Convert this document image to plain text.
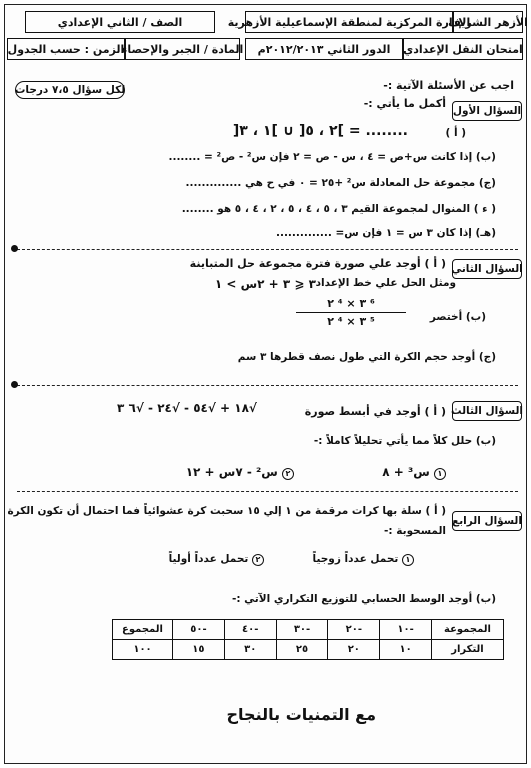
الأزهر الشريف
الإدارة المركزية لمنطقة الإسماعيلية الأزهرية
الصف / الثاني الإعدادي
امتحان النقل الإعدادي
الدور الثاني ٢٠١٢/٢٠١٣م
المادة / الجبر والإحصاء
الزمن : حسب الجدول
لكل سؤال ٧،٥ درجات	اجب عن الأسئلة الآتية :-
السؤال الأول
أكمل ما يأتي :-
( أ )
]٢ ، ٥[ ∪ ]١ ، ٣[ = ........
(ب) إذا كانت س+ص = ٤ ، س - ص = ٢ فإن س² - ص² = ........
(ج) مجموعة حل المعادلة س² +٢٥ = ٠ في ح هي ..............
( ء ) المنوال لمجموعة القيم ٣ ، ٥ ، ٤ ، ٥ ، ٢ ، ٤ ، ٥ هو ........
(هـ) إذا كان ٣ س = ١ فإن س= ..............
السؤال الثاني
( أ ) أوجد علي صورة فترة مجموعة حل المتباينة
٣ ⩽ ٣ + ٢س > ١ ومثل الحل علي خط الإعداد
(ب) أختصر
٢ ⁴ × ٣ ⁶
٢ ⁴ × ٣ ⁵
(ج) أوجد حجم الكرة التي طول نصف قطرها ٣ سم
السؤال الثالث
( أ ) أوجد في أبسط صورة
√١٨ + √٥٤ - √٢٤ - √٦ ٣
(ب) حلل كلاً مما يأتي تحليلاً كاملاً :-
١ س³ + ٨
٢ س² - ٧س + ١٢
السؤال الرابع
( أ ) سلة بها كرات مرقمة من ١ إلي ١٥ سحبت كرة عشوائياً فما احتمال أن تكون الكرة
المسحوبة :-
١ تحمل عدداً زوجياً
٢ تحمل عدداً أولياً
(ب) أوجد الوسط الحسابي للتوزيع التكراري الآتي :-
المجموعة	-١٠	-٢٠	-٣٠	-٤٠	-٥٠	المجموع
التكرار	١٠	٢٠	٢٥	٣٠	١٥	١٠٠
مع التمنيات بالنجاح
